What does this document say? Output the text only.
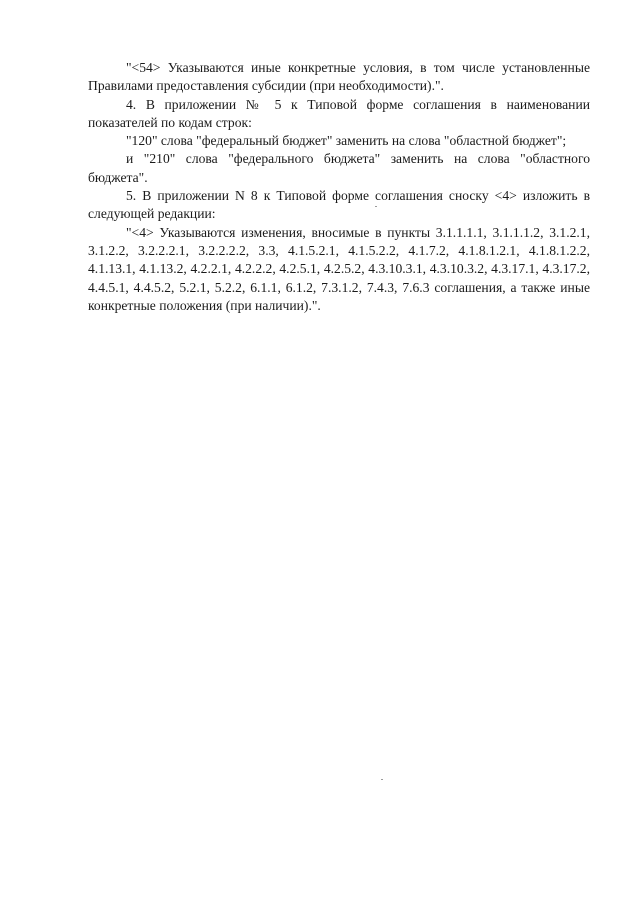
"<54> Указываются иные конкретные условия, в том числе установленные Правилами предоставления субсидии (при необходимости).".

4. В приложении № 5 к Типовой форме соглашения в наименовании показателей по кодам строк:

"120" слова "федеральный бюджет" заменить на слова "областной бюджет";

и "210" слова "федерального бюджета" заменить на слова "областного бюджета".

5. В приложении N 8 к Типовой форме соглашения сноску <4> изложить в следующей редакции:

"<4> Указываются изменения, вносимые в пункты 3.1.1.1.1, 3.1.1.1.2, 3.1.2.1, 3.1.2.2, 3.2.2.2.1, 3.2.2.2.2, 3.3, 4.1.5.2.1, 4.1.5.2.2, 4.1.7.2, 4.1.8.1.2.1, 4.1.8.1.2.2, 4.1.13.1, 4.1.13.2, 4.2.2.1, 4.2.2.2, 4.2.5.1, 4.2.5.2, 4.3.10.3.1, 4.3.10.3.2, 4.3.17.1, 4.3.17.2, 4.4.5.1, 4.4.5.2, 5.2.1, 5.2.2, 6.1.1, 6.1.2, 7.3.1.2, 7.4.3, 7.6.3 соглашения, а также иные конкретные положения (при наличии).".
